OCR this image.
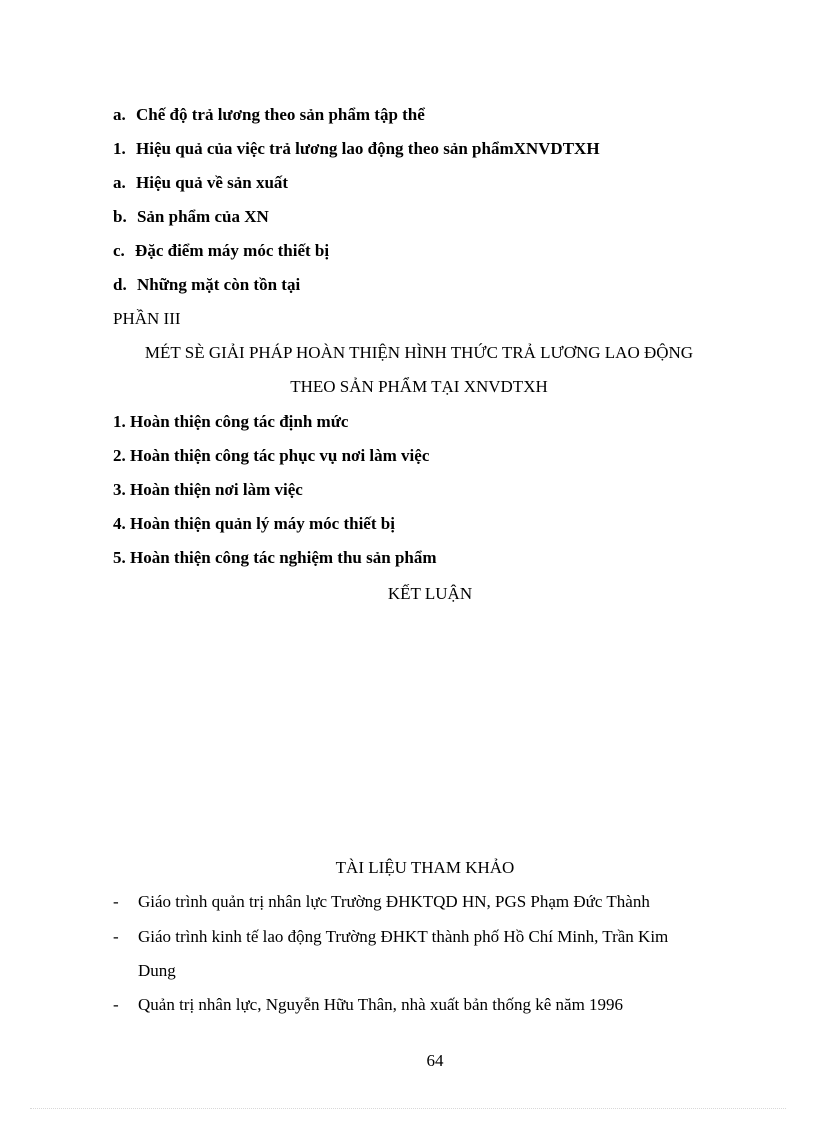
a. Chế độ trả lương theo sản phẩm tập thể
1. Hiệu quả của việc trả lương lao động theo sản phẩmXNVDTXH
a. Hiệu quả về sản xuất
b. Sản phẩm của XN
c. Đặc điểm máy móc thiết bị
d. Những mặt còn tồn tại
PHẦN III
MÉT SÈ GIẢI PHÁP HOÀN THIỆN HÌNH THỨC TRẢ LƯƠNG LAO ĐỘNG
THEO SẢN PHẨM TẠI XNVDTXH
1. Hoàn thiện công tác định mức
2. Hoàn thiện công tác phục vụ nơi làm việc
3. Hoàn thiện nơi làm việc
4. Hoàn thiện quản lý máy móc thiết bị
5. Hoàn thiện công tác nghiệm thu sản phẩm
KẾT LUẬN
TÀI LIỆU THAM KHẢO
- Giáo trình quản trị nhân lực Trường ĐHKTQD HN, PGS Phạm Đức Thành
- Giáo trình kinh tế lao động Trường ĐHKT thành phố Hồ Chí Minh, Trần Kim
Dung
- Quản trị nhân lực, Nguyễn Hữu Thân, nhà xuất bản thống kê năm 1996
64
